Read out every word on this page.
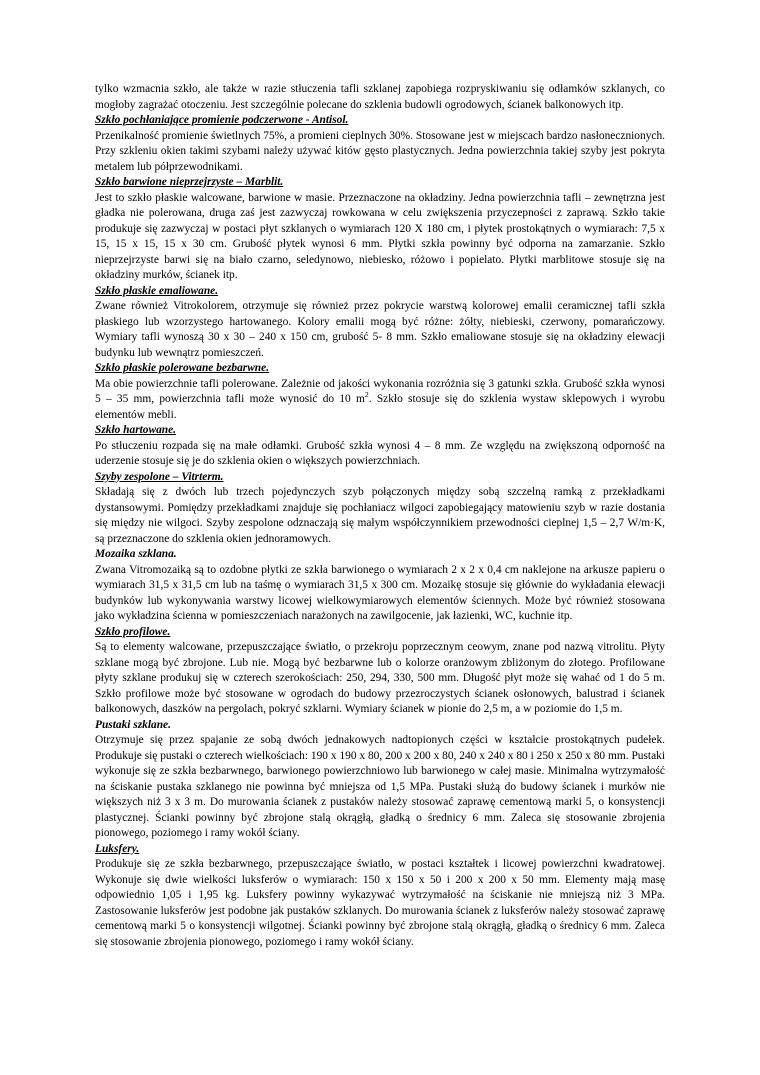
tylko wzmacnia szkło, ale także w razie stłuczenia tafli szklanej zapobiega rozpryskiwaniu się odłamków szklanych, co mogłoby zagrażać otoczeniu. Jest szczególnie polecane do szklenia budowli ogrodowych, ścianek balkonowych itp.

Szkło pochłaniające promienie podczerwone - Antisol.

Przenikalność promienie świetlnych 75%, a promieni cieplnych 30%. Stosowane jest w miejscach bardzo nasłonecznionych. Przy szkleniu okien takimi szybami należy używać kitów gęsto plastycznych. Jedna powierzchnia takiej szyby jest pokryta metalem lub półprzewodnikami.

Szkło barwione nieprzejrzyste – Marblit.

Jest to szkło płaskie walcowane, barwione w masie. Przeznaczone na okładziny. Jedna powierzchnia tafli – zewnętrzna jest gładka nie polerowana, druga zaś jest zazwyczaj rowkowana w celu zwiększenia przyczepności z zaprawą. Szkło takie produkuje się zazwyczaj w postaci płyt szklanych o wymiarach 120 X 180 cm, i płytek prostokątnych o wymiarach: 7,5 x 15, 15 x 15, 15 x 30 cm. Grubość płytek wynosi 6 mm. Płytki szkła powinny być odporna na zamarzanie. Szkło nieprzejrzyste barwi się na biało czarno, seledynowo, niebiesko, różowo i popielato. Płytki marblitowe stosuje się na okładziny murków, ścianek itp.

Szkło płaskie emaliowane.

Zwane również Vitrokolorem, otrzymuje się również przez pokrycie warstwą kolorowej emalii ceramicznej tafli szkła płaskiego lub wzorzystego hartowanego. Kolory emalii mogą być różne: żółty, niebieski, czerwony, pomarańczowy. Wymiary tafli wynoszą 30 x 30 – 240 x 150 cm, grubość 5- 8 mm. Szkło emaliowane stosuje się na okładziny elewacji budynku lub wewnątrz pomieszczeń.

Szkło płaskie polerowane bezbarwne.

Ma obie powierzchnie tafli polerowane. Zależnie od jakości wykonania rozróżnia się 3 gatunki szkła. Grubość szkła wynosi 5 – 35 mm, powierzchnia tafli może wynosić do 10 $m^2$. Szkło stosuje się do szklenia wystaw sklepowych i wyrobu elementów mebli.

Szkło hartowane.

Po stłuczeniu rozpada się na małe odłamki. Grubość szkła wynosi 4 – 8 mm. Ze względu na zwiększoną odporność na uderzenie stosuje się je do szklenia okien o większych powierzchniach.

Szyby zespolone – Vitrterm.

Składają się z dwóch lub trzech pojedynczych szyb połączonych między sobą szczelną ramką z przekładkami dystansowymi. Pomiędzy przekładkami znajduje się pochłaniacz wilgoci zapobiegający matowieniu szyb w razie dostania się między nie wilgoci. Szyby zespolone odznaczają się małym współczynnikiem przewodności cieplnej 1,5 – 2,7 W/m·K, są przeznaczone do szklenia okien jednoramowych.

Mozaika szklana.

Zwana Vitromozaiką są to ozdobne płytki ze szkła barwionego o wymiarach 2 x 2 x 0,4 cm naklejone na arkusze papieru o wymiarach 31,5 x 31,5 cm lub na taśmę o wymiarach 31,5 x 300 cm. Mozaikę stosuje się głównie do wykładania elewacji budynków lub wykonywania warstwy licowej wielkowymiarowych elementów ściennych. Może być również stosowana jako wykładzina ścienna w pomieszczeniach narażonych na zawilgocenie, jak łazienki, WC, kuchnie itp.

Szkło profilowe.

Są to elementy walcowane, przepuszczające światło, o przekroju poprzecznym ceowym, znane pod nazwą vitrolitu. Płyty szklane mogą być zbrojone. Lub nie. Mogą być bezbarwne lub o kolorze oranżowym zbliżonym do złotego. Profilowane płyty szklane produkuj się w czterech szerokościach: 250, 294, 330, 500 mm. Długość płyt może się wahać od 1 do 5 m. Szkło profilowe może być stosowane w ogrodach do budowy przezroczystych ścianek osłonowych, balustrad i ścianek balkonowych, daszków na pergolach, pokryć szklarni. Wymiary ścianek w pionie do 2,5 m, a w poziomie do 1,5 m.

Pustaki szklane.

Otrzymuje się przez spajanie ze sobą dwóch jednakowych nadtopionych części w kształcie prostokątnych pudełek. Produkuje się pustaki o czterech wielkościach: 190 x 190 x 80, 200 x 200 x 80, 240 x 240 x 80 i 250 x 250 x 80 mm. Pustaki wykonuje się ze szkła bezbarwnego, barwionego powierzchniowo lub barwionego w całej masie. Minimalna wytrzymałość na ściskanie pustaka szklanego nie powinna być mniejsza od 1,5 MPa. Pustaki służą do budowy ścianek i murków nie większych niż 3 x 3 m. Do murowania ścianek z pustaków należy stosować zaprawę cementową marki 5, o konsystencji plastycznej. Ścianki powinny być zbrojone stalą okrągłą, gładką o średnicy 6 mm. Zaleca się stosowanie zbrojenia pionowego, poziomego i ramy wokół ściany.

Luksfery.

Produkuje się ze szkła bezbarwnego, przepuszczające światło, w postaci kształtek i licowej powierzchni kwadratowej. Wykonuje się dwie wielkości luksferów o wymiarach: 150 x 150 x 50 i 200 x 200 x 50 mm. Elementy mają masę odpowiednio 1,05 i 1,95 kg. Luksfery powinny wykazywać wytrzymałość na ściskanie nie mniejszą niż 3 MPa. Zastosowanie luksferów jest podobne jak pustaków szklanych. Do murowania ścianek z luksferów należy stosować zaprawę cementową marki 5 o konsystencji wilgotnej. Ścianki powinny być zbrojone stalą okrągłą, gładką o średnicy 6 mm. Zaleca się stosowanie zbrojenia pionowego, poziomego i ramy wokół ściany.
